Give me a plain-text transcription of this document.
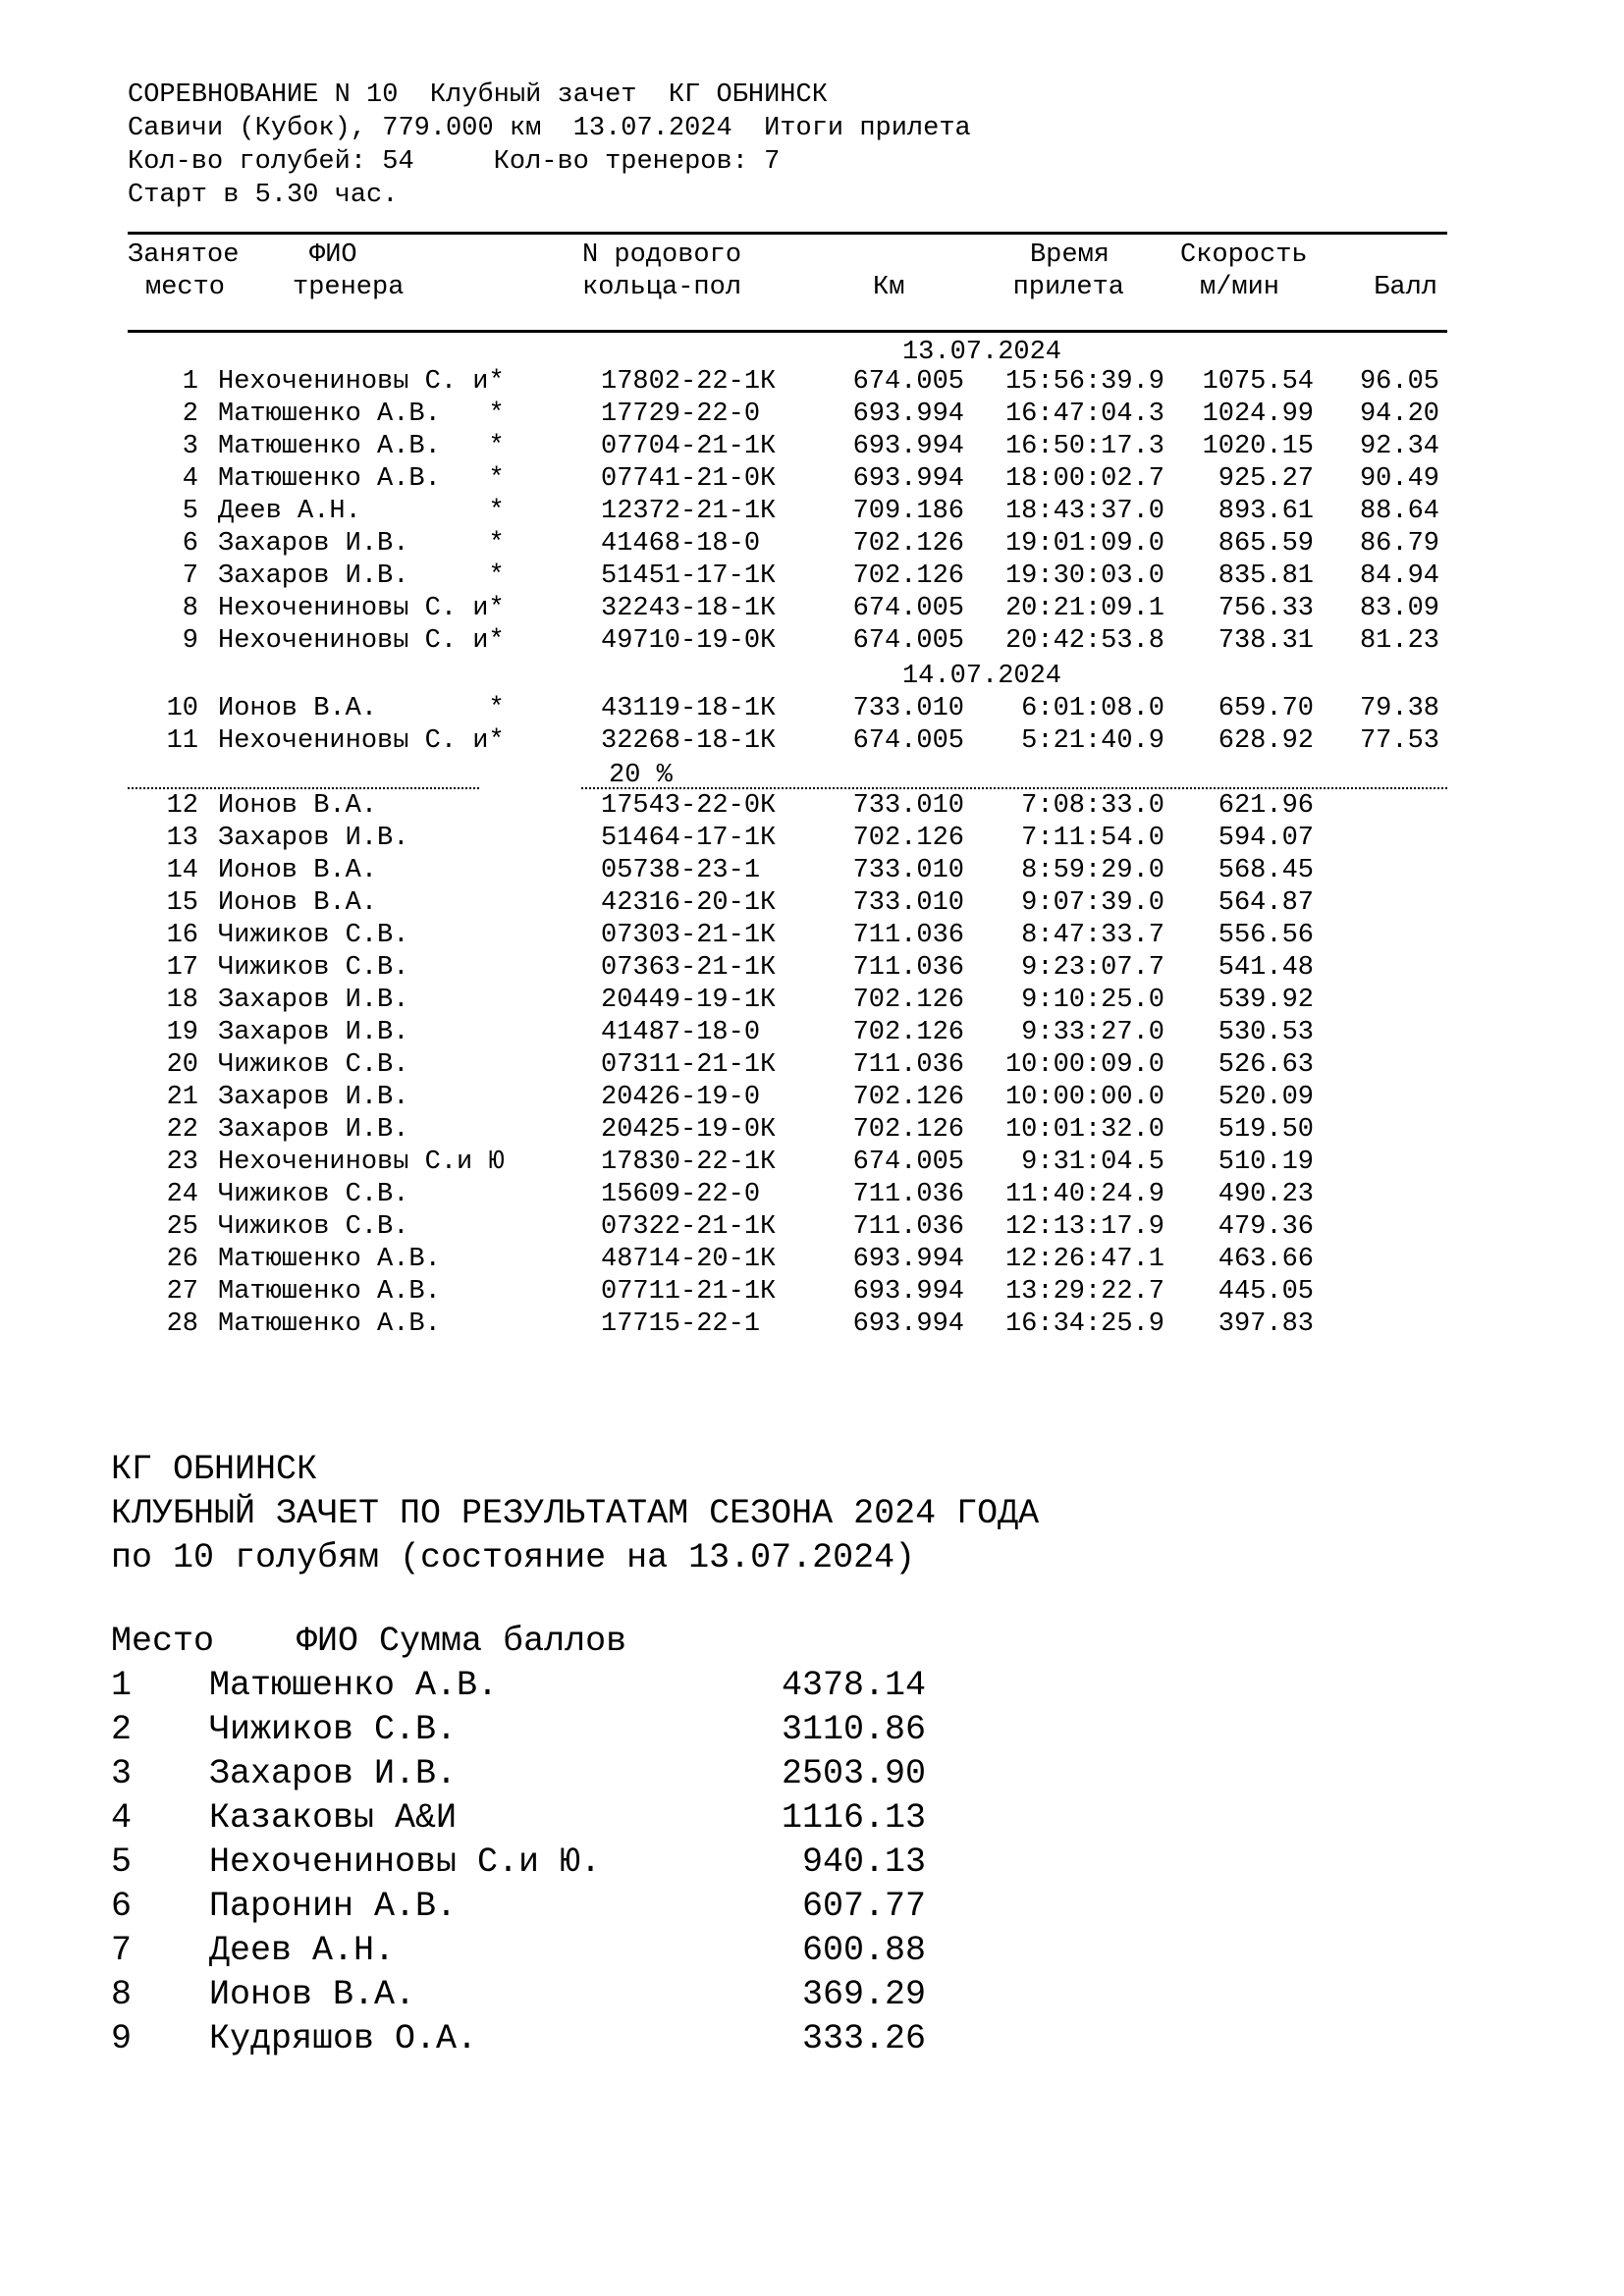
СОРЕВНОВАНИЕ N 10  Клубный зачет  КГ ОБНИНСК
Савичи (Кубок), 779.000 км  13.07.2024  Итоги прилета
Кол-во голубей: 54     Кол-во тренеров: 7
Старт в 5.30 час.
Занятое
место
ФИО
тренера
N родового
кольца-пол	Км
Время
прилета
Скорость
м/мин	Балл
13.07.2024
14.07.2024
20 %
1 Нехочениновы С. и*	17802-22-1К	674.005	15:56:39.9	1075.54	96.05
2 Матюшенко А.В.   *	17729-22-0	693.994	16:47:04.3	1024.99	94.20
3 Матюшенко А.В.   *	07704-21-1К	693.994	16:50:17.3	1020.15	92.34
4 Матюшенко А.В.   *	07741-21-0К	693.994	18:00:02.7	925.27	90.49
5 Деев А.Н.        *	12372-21-1К	709.186	18:43:37.0	893.61	88.64
6 Захаров И.В.     *	41468-18-0	702.126	19:01:09.0	865.59	86.79
7 Захаров И.В.     *	51451-17-1К	702.126	19:30:03.0	835.81	84.94
8 Нехочениновы С. и*	32243-18-1К	674.005	20:21:09.1	756.33	83.09
9 Нехочениновы С. и*	49710-19-0К	674.005	20:42:53.8	738.31	81.23
10 Ионов В.А.       *	43119-18-1К	733.010	6:01:08.0	659.70	79.38
11 Нехочениновы С. и*	32268-18-1К	674.005	5:21:40.9	628.92	77.53
12 Ионов В.А.	17543-22-0К	733.010	7:08:33.0	621.96
13 Захаров И.В.	51464-17-1К	702.126	7:11:54.0	594.07
14 Ионов В.А.	05738-23-1	733.010	8:59:29.0	568.45
15 Ионов В.А.	42316-20-1К	733.010	9:07:39.0	564.87
16 Чижиков С.В.	07303-21-1К	711.036	8:47:33.7	556.56
17 Чижиков С.В.	07363-21-1К	711.036	9:23:07.7	541.48
18 Захаров И.В.	20449-19-1К	702.126	9:10:25.0	539.92
19 Захаров И.В.	41487-18-0	702.126	9:33:27.0	530.53
20 Чижиков С.В.	07311-21-1К	711.036	10:00:09.0	526.63
21 Захаров И.В.	20426-19-0	702.126	10:00:00.0	520.09
22 Захаров И.В.	20425-19-0К	702.126	10:01:32.0	519.50
23 Нехочениновы С.и Ю	17830-22-1К	674.005	9:31:04.5	510.19
24 Чижиков С.В.	15609-22-0	711.036	11:40:24.9	490.23
25 Чижиков С.В.	07322-21-1К	711.036	12:13:17.9	479.36
26 Матюшенко А.В.	48714-20-1К	693.994	12:26:47.1	463.66
27 Матюшенко А.В.	07711-21-1К	693.994	13:29:22.7	445.05
28 Матюшенко А.В.	17715-22-1	693.994	16:34:25.9	397.83
КГ ОБНИНСК
КЛУБНЫЙ ЗАЧЕТ ПО РЕЗУЛЬТАТАМ СЕЗОНА 2024 ГОДА
по 10 голубям (состояние на 13.07.2024)
Место    ФИО Сумма баллов
1 Матюшенко А.В.	4378.14
2 Чижиков С.В.	3110.86
3 Захаров И.В.	2503.90
4 Казаковы А&И	1116.13
5 Нехочениновы С.и Ю.	940.13
6 Паронин А.В.	607.77
7 Деев А.Н.	600.88
8 Ионов В.А.	369.29
9 Кудряшов О.А.	333.26
